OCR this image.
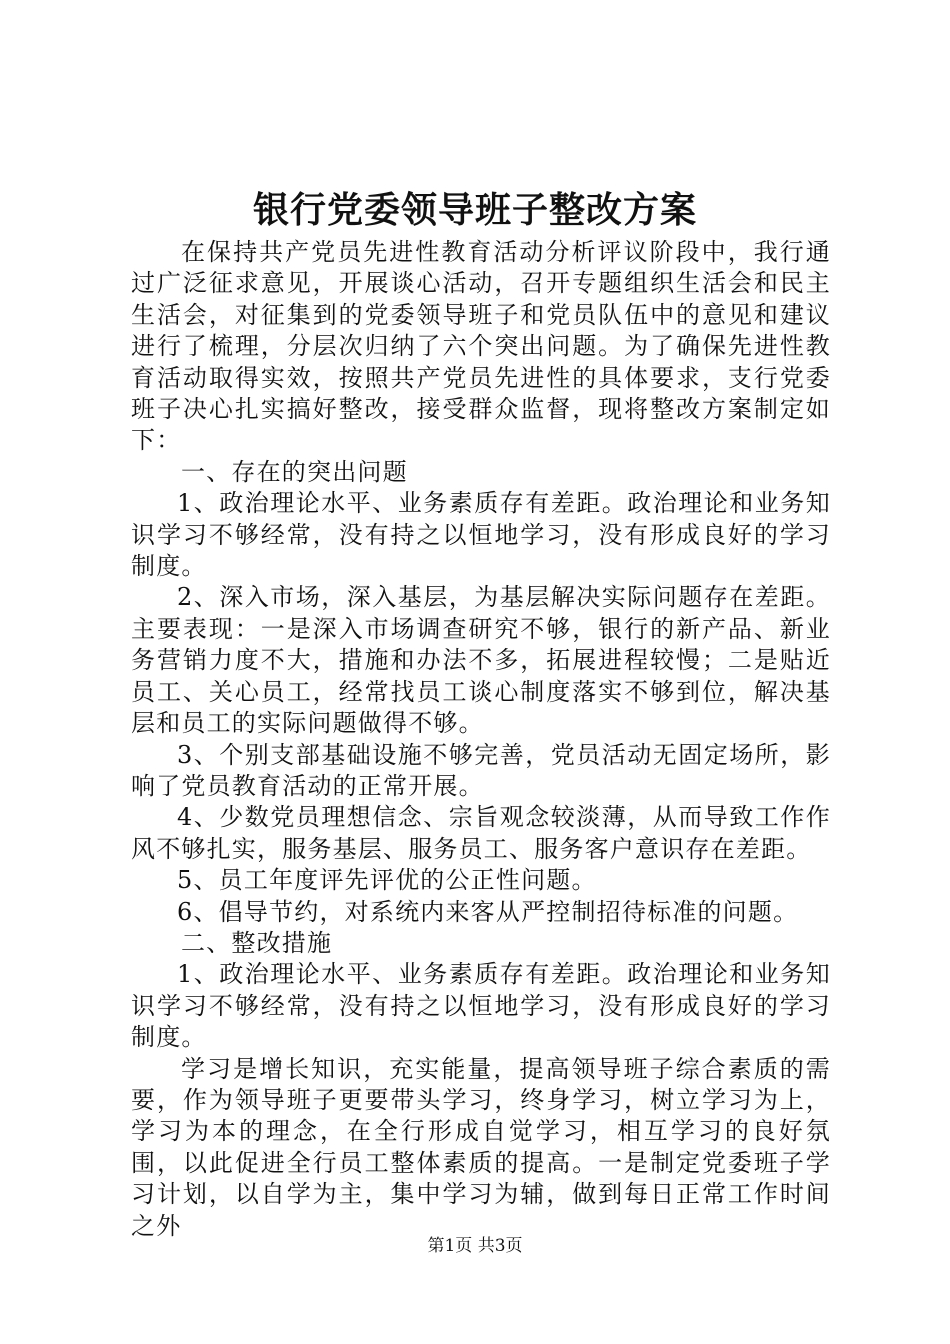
银行党委领导班子整改方案

在保持共产党员先进性教育活动分析评议阶段中，我行通过广泛征求意见，开展谈心活动，召开专题组织生活会和民主生活会，对征集到的党委领导班子和党员队伍中的意见和建议进行了梳理，分层次归纳了六个突出问题。为了确保先进性教育活动取得实效，按照共产党员先进性的具体要求，支行党委班子决心扎实搞好整改，接受群众监督，现将整改方案制定如下：

一、存在的突出问题

1、政治理论水平、业务素质存有差距。政治理论和业务知识学习不够经常，没有持之以恒地学习，没有形成良好的学习制度。

2、深入市场，深入基层，为基层解决实际问题存在差距。主要表现：一是深入市场调查研究不够，银行的新产品、新业务营销力度不大，措施和办法不多，拓展进程较慢；二是贴近员工、关心员工，经常找员工谈心制度落实不够到位，解决基层和员工的实际问题做得不够。

3、个别支部基础设施不够完善，党员活动无固定场所，影响了党员教育活动的正常开展。

4、少数党员理想信念、宗旨观念较淡薄，从而导致工作作风不够扎实，服务基层、服务员工、服务客户意识存在差距。

5、员工年度评先评优的公正性问题。

6、倡导节约，对系统内来客从严控制招待标准的问题。

二、整改措施

1、政治理论水平、业务素质存有差距。政治理论和业务知识学习不够经常，没有持之以恒地学习，没有形成良好的学习制度。

学习是增长知识，充实能量，提高领导班子综合素质的需要，作为领导班子更要带头学习，终身学习，树立学习为上，学习为本的理念，在全行形成自觉学习，相互学习的良好氛围，以此促进全行员工整体素质的提高。一是制定党委班子学习计划，以自学为主，集中学习为辅，做到每日正常工作时间之外

第1页 共3页
